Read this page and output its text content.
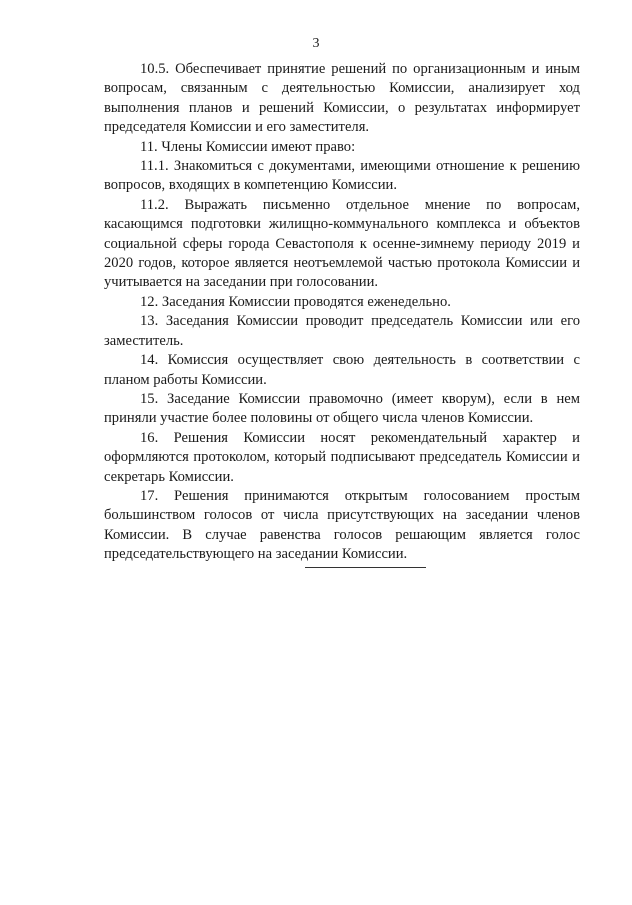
3

10.5. Обеспечивает принятие решений по организационным и иным вопросам, связанным с деятельностью Комиссии, анализирует ход выполнения планов и решений Комиссии, о результатах информирует председателя Комиссии и его заместителя.

11. Члены Комиссии имеют право:

11.1. Знакомиться с документами, имеющими отношение к решению вопросов, входящих в компетенцию Комиссии.

11.2. Выражать письменно отдельное мнение по вопросам, касающимся подготовки жилищно-коммунального комплекса и объектов социальной сферы города Севастополя к осенне-зимнему периоду 2019 и 2020 годов, которое является неотъемлемой частью протокола Комиссии и учитывается на заседании при голосовании.

12. Заседания Комиссии проводятся еженедельно.

13. Заседания Комиссии проводит председатель Комиссии или его заместитель.

14. Комиссия осуществляет свою деятельность в соответствии с планом работы Комиссии.

15. Заседание Комиссии правомочно (имеет кворум), если в нем приняли участие более половины от общего числа членов Комиссии.

16. Решения Комиссии носят рекомендательный характер и оформляются протоколом, который подписывают председатель Комиссии и секретарь Комиссии.

17. Решения принимаются открытым голосованием простым большинством голосов от числа присутствующих на заседании членов Комиссии. В случае равенства голосов решающим является голос председательствующего на заседании Комиссии.
